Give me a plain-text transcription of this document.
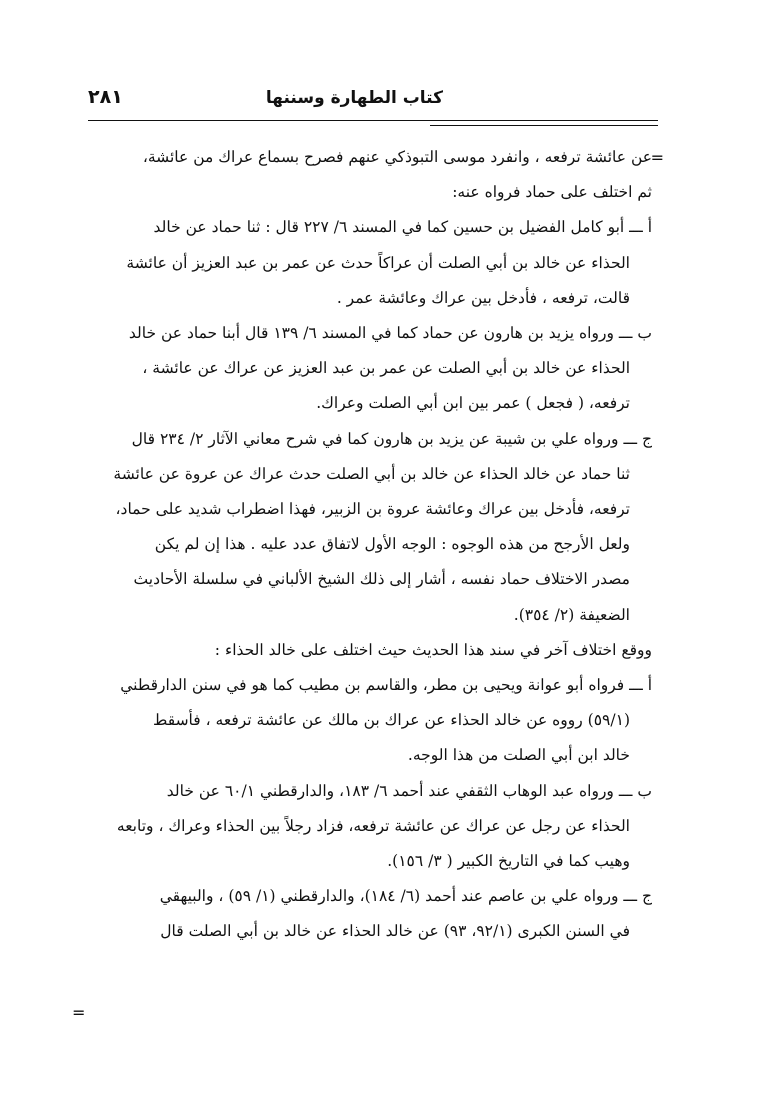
كتاب الطهارة وسننها
٢٨١
=
=
عن عائشة ترفعه ، وانفرد موسى التبوذكي عنهم فصرح بسماع عراك من عائشة،
ثم اختلف على حماد فرواه عنه:
أ ـــ أبو كامل الفضيل بن حسين كما في المسند ٦/ ٢٢٧ قال : ثنا حماد عن خالد
الحذاء عن خالد بن أبي الصلت أن عراكاً حدث عن عمر بن عبد العزيز أن عائشة
قالت، ترفعه ، فأدخل بين عراك وعائشة عمر .
ب ـــ ورواه يزيد بن هارون عن حماد كما في المسند ٦/ ١٣٩ قال أبنا حماد عن خالد
الحذاء عن خالد بن أبي الصلت عن عمر بن عبد العزيز عن عراك عن عائشة ،
ترفعه، ( فجعل ) عمر بين ابن أبي الصلت وعراك.
ج ـــ ورواه علي بن شيبة عن يزيد بن هارون كما في شرح معاني الآثار ٢/ ٢٣٤ قال
ثنا حماد عن خالد الحذاء عن خالد بن أبي الصلت حدث عراك عن عروة عن عائشة
ترفعه، فأدخل بين عراك وعائشة عروة بن الزبير، فهذا اضطراب شديد على حماد،
ولعل الأرجح من هذه الوجوه : الوجه الأول لاتفاق عدد عليه . هذا إن لم يكن
مصدر الاختلاف حماد نفسه ، أشار إلى ذلك الشيخ الألباني في سلسلة الأحاديث
الضعيفة (٢/ ٣٥٤).
ووقع اختلاف آخر في سند هذا الحديث حيث اختلف على خالد الحذاء :
أ ـــ فرواه أبو عوانة ويحيى بن مطر، والقاسم بن مطيب كما هو في سنن الدارقطني
(٥٩/١) رووه عن خالد الحذاء عن عراك بن مالك عن عائشة ترفعه ، فأسقط
خالد ابن أبي الصلت من هذا الوجه.
ب ـــ ورواه عبد الوهاب الثقفي عند أحمد ٦/ ١٨٣، والدارقطني ٦٠/١ عن خالد
الحذاء عن رجل عن عراك عن عائشة ترفعه، فزاد رجلاً بين الحذاء وعراك ، وتابعه
وهيب كما في التاريخ الكبير ( ٣/ ١٥٦).
ج ـــ ورواه علي بن عاصم عند أحمد (٦/ ١٨٤)، والدارقطني (١/ ٥٩) ، والبيهقي
في السنن الكبرى (٩٢/١، ٩٣) عن خالد الحذاء عن خالد بن أبي الصلت قال
